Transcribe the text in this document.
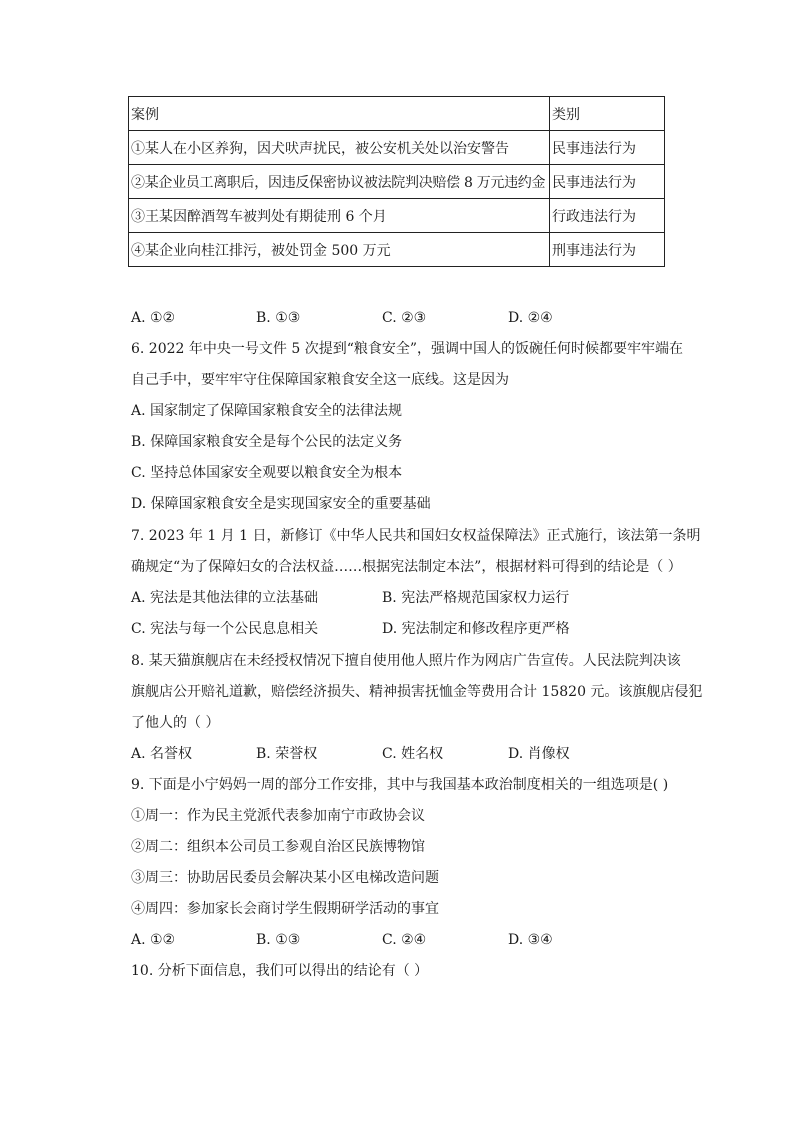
案例	类别
①某人在小区养狗，因犬吠声扰民，被公安机关处以治安警告	民事违法行为
②某企业员工离职后，因违反保密协议被法院判决赔偿 8 万元违约金	民事违法行为
③王某因醉酒驾车被判处有期徒刑 6 个月	行政违法行为
④某企业向桂江排污，被处罚金 500 万元	刑事违法行为
A. ①②	B. ①③	C. ②③	D. ②④
6. 2022 年中央一号文件 5 次提到“粮食安全”，强调中国人的饭碗任何时候都要牢牢端在
自己手中，要牢牢守住保障国家粮食安全这一底线。这是因为
A. 国家制定了保障国家粮食安全的法律法规
B. 保障国家粮食安全是每个公民的法定义务
C. 坚持总体国家安全观要以粮食安全为根本
D. 保障国家粮食安全是实现国家安全的重要基础
7. 2023 年 1 月 1 日，新修订《中华人民共和国妇女权益保障法》正式施行，该法第一条明
确规定“为了保障妇女的合法权益……根据宪法制定本法”，根据材料可得到的结论是（ ）
A. 宪法是其他法律的立法基础	B. 宪法严格规范国家权力运行
C. 宪法与每一个公民息息相关	D. 宪法制定和修改程序更严格
8. 某天猫旗舰店在未经授权情况下擅自使用他人照片作为网店广告宣传。人民法院判决该
旗舰店公开赔礼道歉，赔偿经济损失、精神损害抚恤金等费用合计 15820 元。该旗舰店侵犯
了他人的（ ）
A. 名誉权	B. 荣誉权	C. 姓名权	D. 肖像权
9. 下面是小宁妈妈一周的部分工作安排，其中与我国基本政治制度相关的一组选项是( )
①周一：作为民主党派代表参加南宁市政协会议
②周二：组织本公司员工参观自治区民族博物馆
③周三：协助居民委员会解决某小区电梯改造问题
④周四：参加家长会商讨学生假期研学活动的事宜
A. ①②	B. ①③	C. ②④	D. ③④
10. 分析下面信息，我们可以得出的结论有（ ）
